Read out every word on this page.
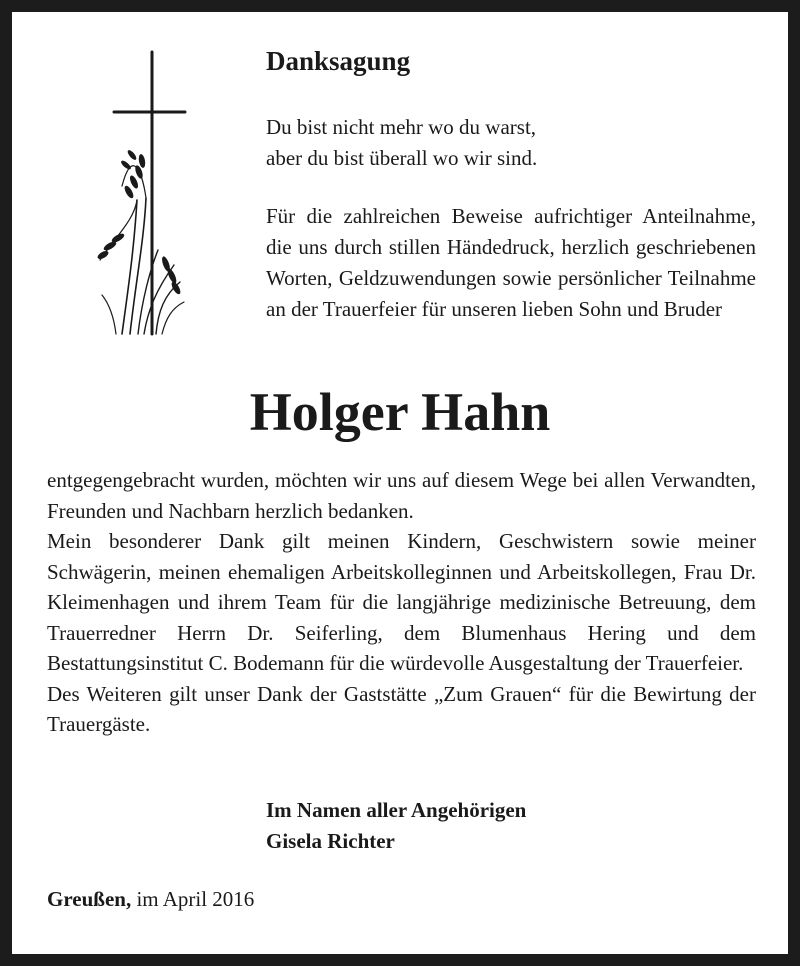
Danksagung
Du bist nicht mehr wo du warst,
aber du bist überall wo wir sind.
Für die zahlreichen Beweise aufrichtiger Anteilnahme, die uns durch stillen Händedruck, herzlich geschriebenen Worten, Geldzuwendungen sowie persönlicher Teilnahme an der Trauerfeier für unseren lieben Sohn und Bruder
Holger Hahn

entgegengebracht wurden, möchten wir uns auf diesem Wege bei allen Verwandten, Freunden und Nachbarn herzlich bedanken.

Mein besonderer Dank gilt meinen Kindern, Geschwistern sowie meiner Schwägerin, meinen ehemaligen Arbeitskolleginnen und Arbeitskollegen, Frau Dr. Kleimenhagen und ihrem Team für die langjährige medizinische Betreuung, dem Trauerredner Herrn Dr. Seiferling, dem Blumenhaus Hering und dem Bestattungsinstitut C. Bodemann für die würdevolle Ausgestaltung der Trauerfeier.

Des Weiteren gilt unser Dank der Gaststätte „Zum Grauen“ für die Bewirtung der Trauergäste.

Im Namen aller Angehörigen
Gisela Richter
Greußen, im April 2016
